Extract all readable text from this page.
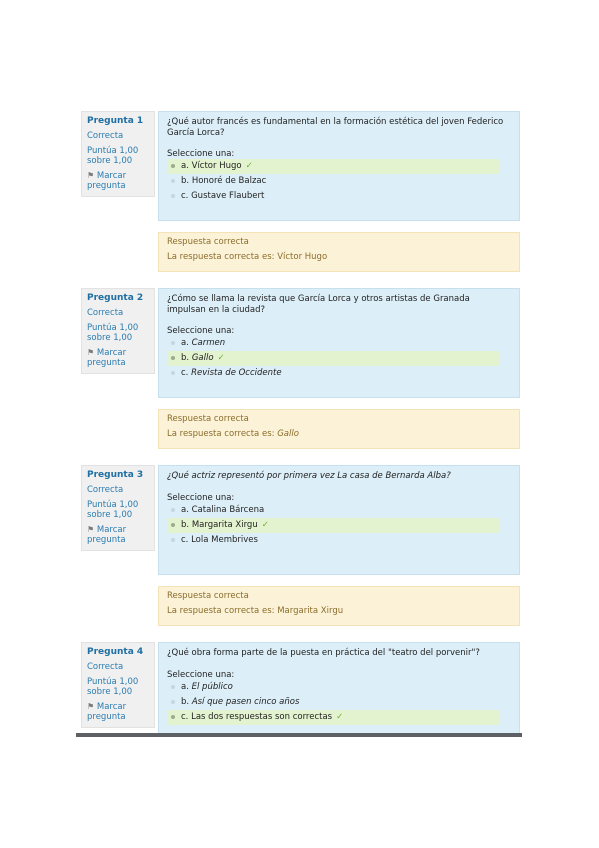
Pregunta 1
Correcta
Puntúa 1,00
sobre 1,00
⚑ Marcar
pregunta
¿Qué autor francés es fundamental en la formación estética del joven Federico García Lorca?
Seleccione una:
a. Víctor Hugo ✓
b. Honoré de Balzac
c. Gustave Flaubert
Respuesta correcta
La respuesta correcta es: Víctor Hugo
Pregunta 2
Correcta
Puntúa 1,00
sobre 1,00
⚑ Marcar
pregunta
¿Cómo se llama la revista que García Lorca y otros artistas de Granada impulsan en la ciudad?
Seleccione una:
a. Carmen
b. Gallo ✓
c. Revista de Occidente
Respuesta correcta
La respuesta correcta es: Gallo
Pregunta 3
Correcta
Puntúa 1,00
sobre 1,00
⚑ Marcar
pregunta
¿Qué actriz representó por primera vez La casa de Bernarda Alba?
Seleccione una:
a. Catalina Bárcena
b. Margarita Xirgu ✓
c. Lola Membrives
Respuesta correcta
La respuesta correcta es: Margarita Xirgu
Pregunta 4
Correcta
Puntúa 1,00
sobre 1,00
⚑ Marcar
pregunta
¿Qué obra forma parte de la puesta en práctica del "teatro del porvenir"?
Seleccione una:
a. El público
b. Así que pasen cinco años
c. Las dos respuestas son correctas ✓
